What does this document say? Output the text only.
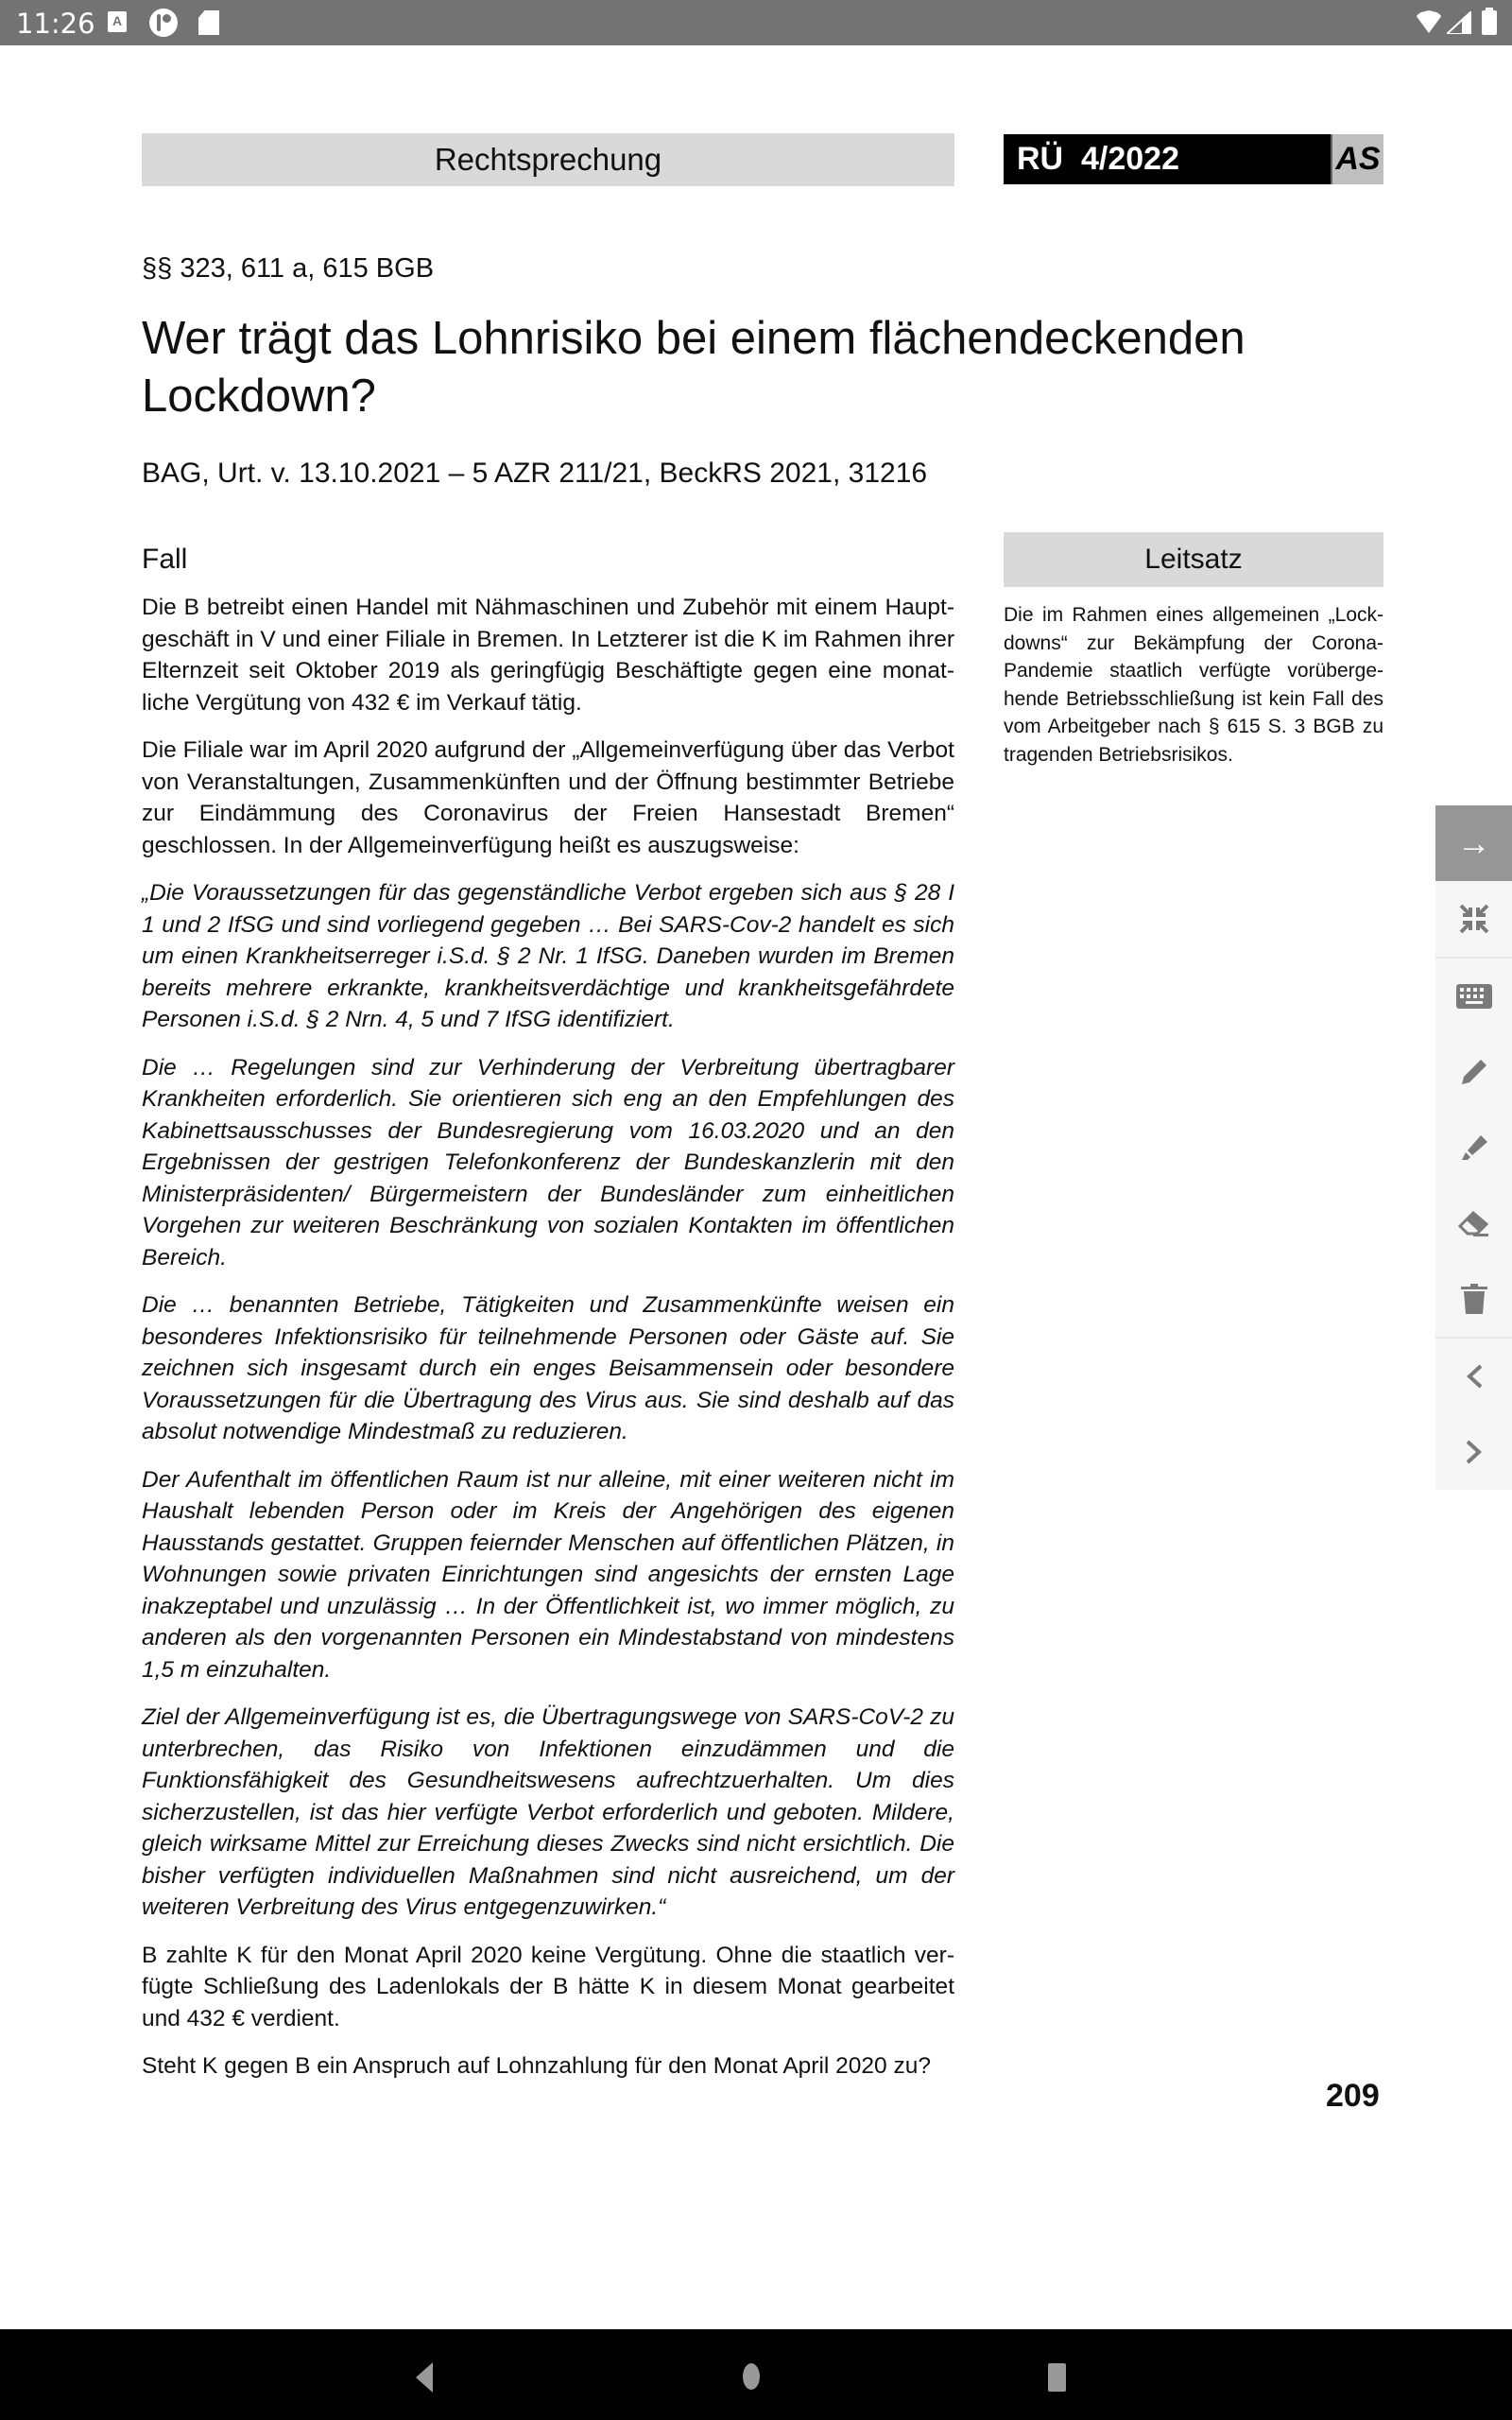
11:26	A
Rechtsprechung	RÜ  4/2022	AS
§§ 323, 611 a, 615 BGB
Wer trägt das Lohnrisiko bei einem flächendeckenden Lockdown?
BAG, Urt. v. 13.10.2021 – 5 AZR 211/21, BeckRS 2021, 31216
Fall

Die B betreibt einen Handel mit Nähmaschinen und Zubehör mit einem Hauptgeschäft in V und einer Filiale in Bremen. In Letzterer ist die K im Rahmen ihrer Elternzeit seit Oktober 2019 als geringfügig Beschäftigte gegen eine monatliche Vergütung von 432 € im Verkauf tätig.

Die Filiale war im April 2020 aufgrund der „Allgemeinverfügung über das Verbot von Veranstaltungen, Zusammenkünften und der Öffnung bestimmter Betriebe zur Eindämmung des Coronavirus der Freien Hansestadt Bremen“ geschlossen. In der Allgemeinverfügung heißt es auszugsweise:

„Die Voraussetzungen für das gegenständliche Verbot ergeben sich aus § 28 I 1 und 2 IfSG und sind vorliegend gegeben … Bei SARS-Cov-2 handelt es sich um einen Krankheitserreger i.S.d. § 2 Nr. 1 IfSG. Daneben wurden im Bremen bereits mehrere erkrankte, krankheitsverdächtige und krankheitsgefährdete Personen i.S.d. § 2 Nrn. 4, 5 und 7 IfSG identifiziert.

Die … Regelungen sind zur Verhinderung der Verbreitung übertragbarer Krankheiten erforderlich. Sie orientieren sich eng an den Empfehlungen des Kabinettsausschusses der Bundesregierung vom 16.03.2020 und an den Ergebnissen der gestrigen Telefonkonferenz der Bundeskanzlerin mit den Ministerpräsidenten/ Bürgermeistern der Bundesländer zum einheitlichen Vorgehen zur weiteren Beschränkung von sozialen Kontakten im öffentlichen Bereich.

Die … benannten Betriebe, Tätigkeiten und Zusammenkünfte weisen ein besonderes Infektionsrisiko für teilnehmende Personen oder Gäste auf. Sie zeichnen sich insgesamt durch ein enges Beisammensein oder besondere Voraussetzungen für die Übertragung des Virus aus. Sie sind deshalb auf das absolut notwendige Mindestmaß zu reduzieren.

Der Aufenthalt im öffentlichen Raum ist nur alleine, mit einer weiteren nicht im Haushalt lebenden Person oder im Kreis der Angehörigen des eigenen Hausstands gestattet. Gruppen feiernder Menschen auf öffentlichen Plätzen, in Wohnungen sowie privaten Einrichtungen sind angesichts der ernsten Lage inakzeptabel und unzulässig … In der Öffentlichkeit ist, wo immer möglich, zu anderen als den vorgenannten Personen ein Mindestabstand von mindestens 1,5 m einzuhalten.

Ziel der Allgemeinverfügung ist es, die Übertragungswege von SARS-CoV-2 zu unterbrechen, das Risiko von Infektionen einzudämmen und die Funktionsfähigkeit des Gesundheitswesens aufrechtzuerhalten. Um dies sicherzustellen, ist das hier verfügte Verbot erforderlich und geboten. Mildere, gleich wirksame Mittel zur Erreichung dieses Zwecks sind nicht ersichtlich. Die bisher verfügten individuellen Maßnahmen sind nicht ausreichend, um der weiteren Verbreitung des Virus entgegenzuwirken.“

B zahlte K für den Monat April 2020 keine Vergütung. Ohne die staatlich verfügte Schließung des Ladenlokals der B hätte K in diesem Monat gearbeitet und 432 € verdient.

Steht K gegen B ein Anspruch auf Lohnzahlung für den Monat April 2020 zu?

Leitsatz
Die im Rahmen eines allgemeinen „Lockdowns“ zur Bekämpfung der Corona-Pandemie staatlich verfügte vorübergehende Betriebsschließung ist kein Fall des vom Arbeitgeber nach § 615 S. 3 BGB zu tragenden Betriebsrisikos.
209
→
